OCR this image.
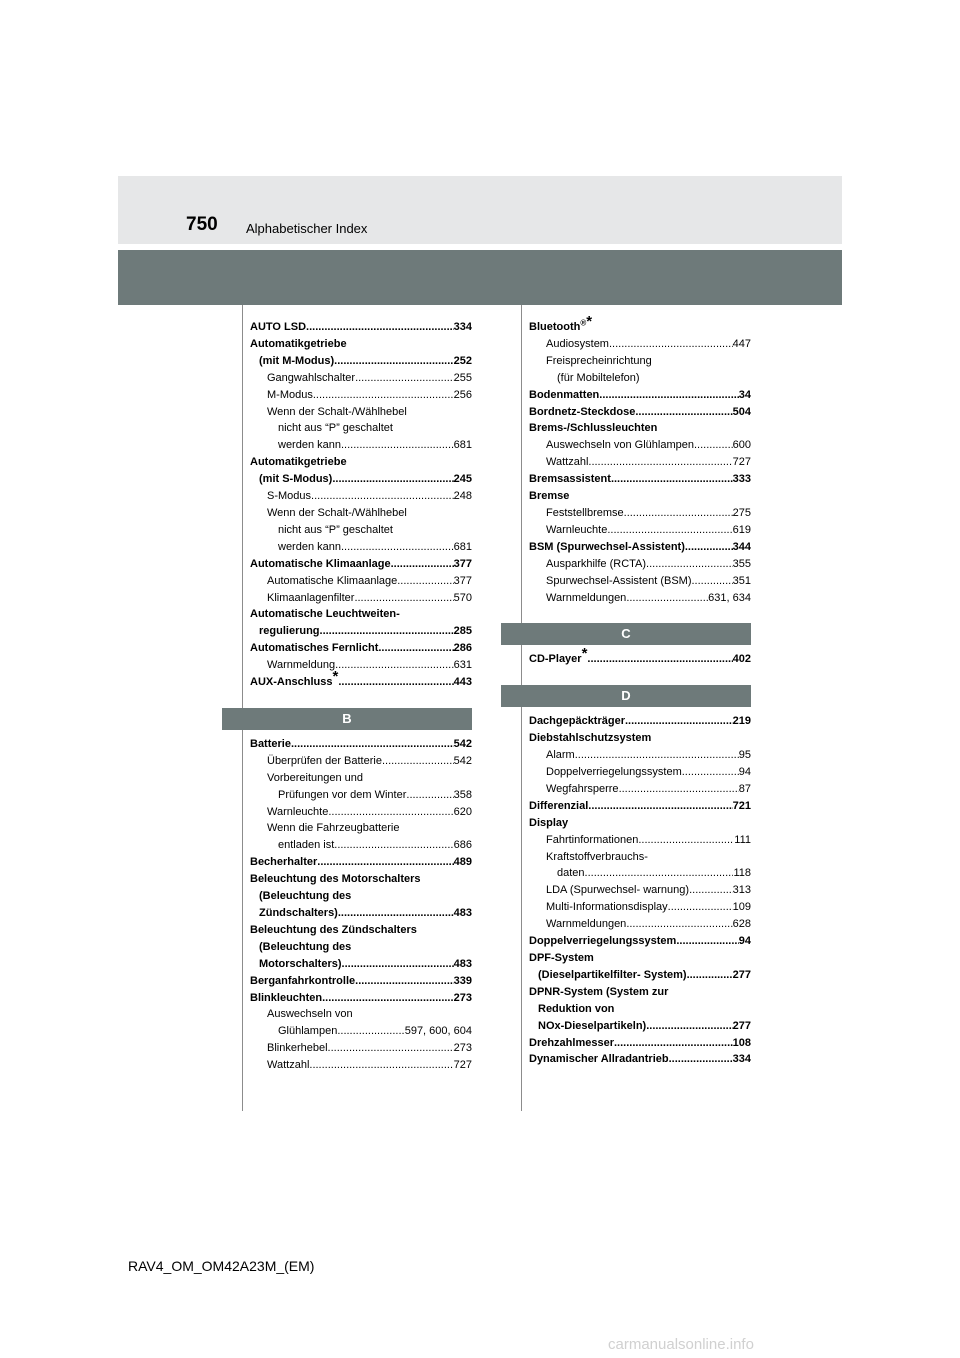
750 Alphabetischer Index
AUTO LSD .....	334
Automatikgetriebe
(mit M-Modus) .....	252
Gangwahlschalter .....	255
M-Modus .....	256
Wenn der Schalt-/Wählhebel
nicht aus “P” geschaltet
werden kann .....	681
Automatikgetriebe
(mit S-Modus) .....	245
S-Modus .....	248
Wenn der Schalt-/Wählhebel
nicht aus “P” geschaltet
werden kann .....	681
Automatische Klimaanlage .....	377
Automatische Klimaanlage .....	377
Klimaanlagenfilter .....	570
Automatische Leuchtweiten-
regulierung .....	285
Automatisches Fernlicht .....	286
Warnmeldung .....	631
AUX-Anschluss* .....	443
B
Batterie .....	542
Überprüfen der Batterie .....	542
Vorbereitungen und
Prüfungen vor dem Winter .....	358
Warnleuchte .....	620
Wenn die Fahrzeugbatterie
entladen ist .....	686
Becherhalter .....	489
Beleuchtung des Motorschalters
(Beleuchtung des
Zündschalters) .....	483
Beleuchtung des Zündschalters
(Beleuchtung des
Motorschalters) .....	483
Berganfahrkontrolle .....	339
Blinkleuchten .....	273
Auswechseln von
Glühlampen .....	597, 600, 604
Blinkerhebel .....	273
Wattzahl .....	727
Bluetooth®*
Audiosystem .....	447
Freisprecheinrichtung
(für Mobiltelefon)
Bodenmatten .....	34
Bordnetz-Steckdose .....	504
Brems-/Schlussleuchten
Auswechseln von Glühlampen .....	600
Wattzahl .....	727
Bremsassistent .....	333
Bremse
Feststellbremse .....	275
Warnleuchte .....	619
BSM (Spurwechsel-Assistent) .....	344
Ausparkhilfe (RCTA) .....	355
Spurwechsel-Assistent (BSM) .....	351
Warnmeldungen .....	631, 634
C
CD-Player* .....	402
D
Dachgepäckträger .....	219
Diebstahlschutzsystem
Alarm .....	95
Doppelverriegelungssystem .....	94
Wegfahrsperre .....	87
Differenzial .....	721
Display
Fahrtinformationen .....	111
Kraftstoffverbrauchs-
daten .....	118
LDA (Spurwechsel- warnung) .....	313
Multi-Informationsdisplay .....	109
Warnmeldungen .....	628
Doppelverriegelungssystem .....	94
DPF-System
(Dieselpartikelfilter- System) .....	277
DPNR-System (System zur
Reduktion von
NOx-Dieselpartikeln) .....	277
Drehzahlmesser .....	108
Dynamischer Allradantrieb .....	334
RAV4_OM_OM42A23M_(EM)
carmanualsonline.info
